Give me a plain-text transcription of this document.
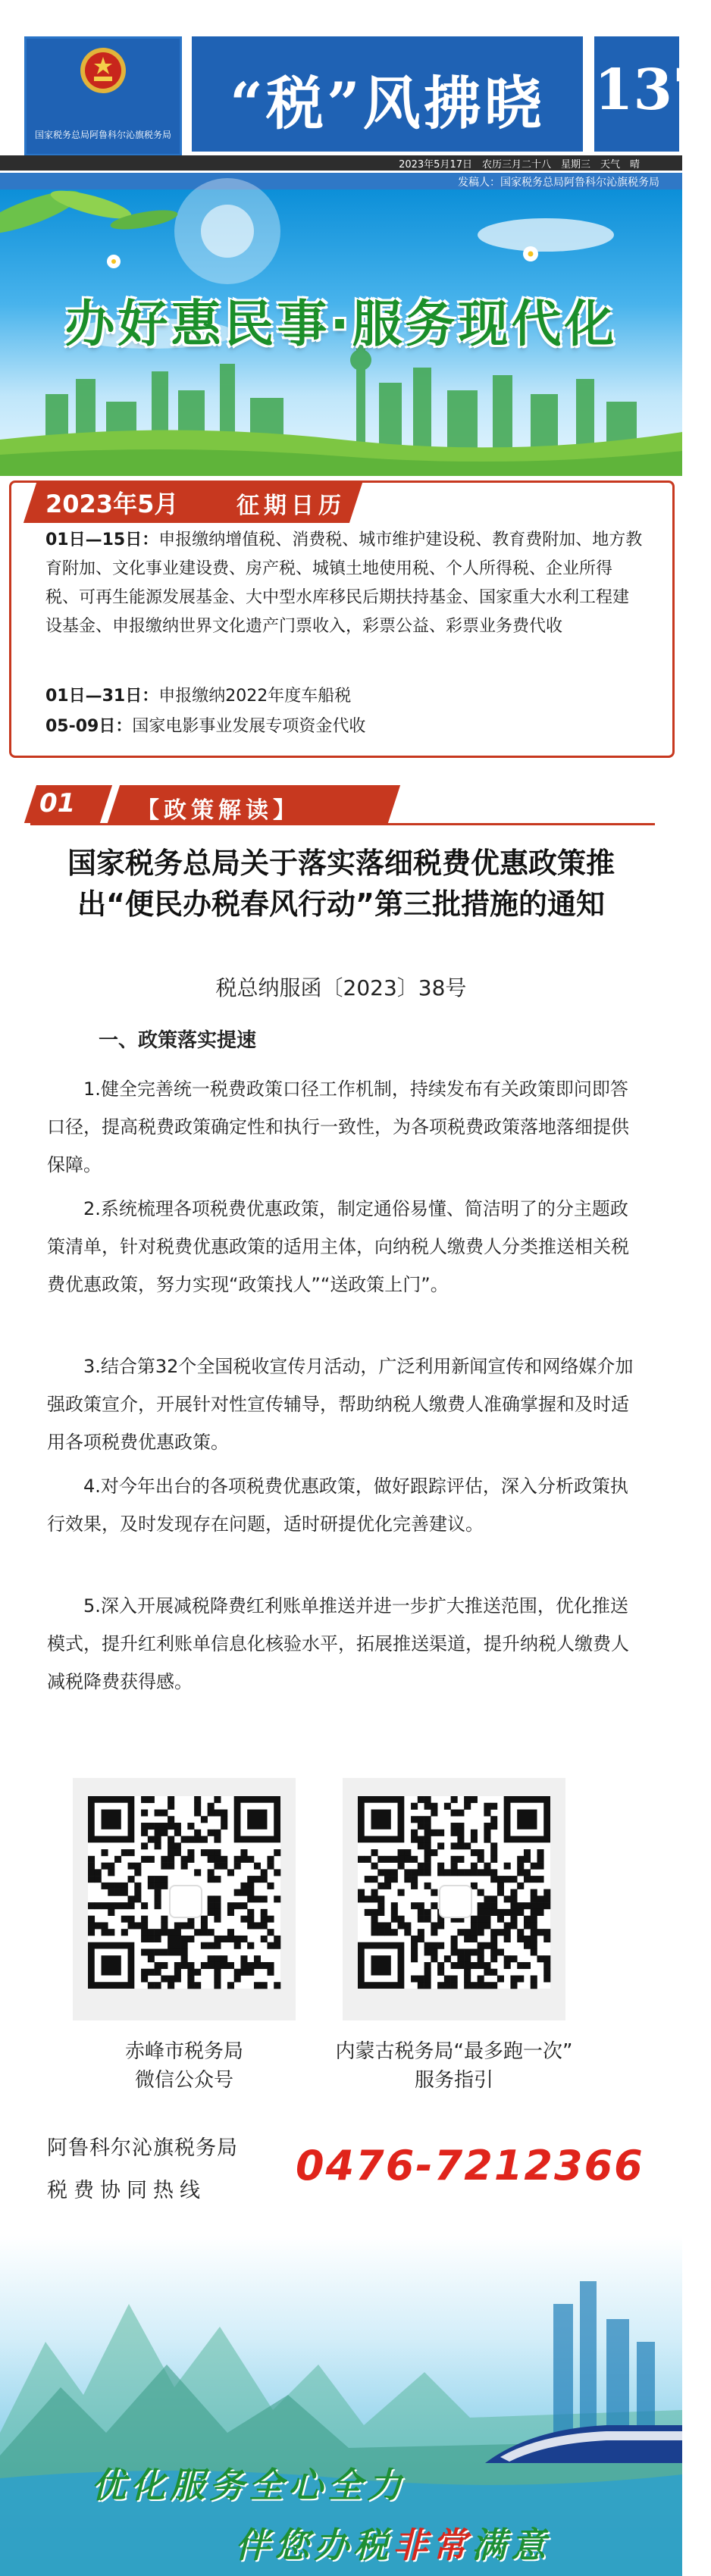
国家税务总局阿鲁科尔沁旗税务局	“税”风拂晓 137
2023年5月17日　农历三月二十八　星期三　天气　晴
发稿人：国家税务总局阿鲁科尔沁旗税务局
办好惠民事·服务现代化
2023年5月	征期日历
01日—15日：申报缴纳增值税、消费税、城市维护建设税、教育费附加、地方教育附加、文化事业建设费、房产税、城镇土地使用税、个人所得税、企业所得税、可再生能源发展基金、大中型水库移民后期扶持基金、国家重大水利工程建设基金、申报缴纳世界文化遗产门票收入，彩票公益、彩票业务费代收
01日—31日：申报缴纳2022年度车船税
05-09日：国家电影事业发展专项资金代收
01	【政策解读】
国家税务总局关于落实落细税费优惠政策推出“便民办税春风行动”第三批措施的通知
税总纳服函〔2023〕38号
一、政策落实提速
1.健全完善统一税费政策口径工作机制，持续发布有关政策即问即答口径，提高税费政策确定性和执行一致性，为各项税费政策落地落细提供保障。
2.系统梳理各项税费优惠政策，制定通俗易懂、简洁明了的分主题政策清单，针对税费优惠政策的适用主体，向纳税人缴费人分类推送相关税费优惠政策，努力实现“政策找人”“送政策上门”。
3.结合第32个全国税收宣传月活动，广泛利用新闻宣传和网络媒介加强政策宣介，开展针对性宣传辅导，帮助纳税人缴费人准确掌握和及时适用各项税费优惠政策。
4.对今年出台的各项税费优惠政策，做好跟踪评估，深入分析政策执行效果，及时发现存在问题，适时研提优化完善建议。
5.深入开展减税降费红利账单推送并进一步扩大推送范围，优化推送模式，提升红利账单信息化核验水平，拓展推送渠道，提升纳税人缴费人减税降费获得感。
赤峰市税务局
微信公众号
内蒙古税务局“最多跑一次”
服务指引
阿鲁科尔沁旗税务局
税费协同热线
0476-7212366
优化服务全心全力
伴您办税非常满意
